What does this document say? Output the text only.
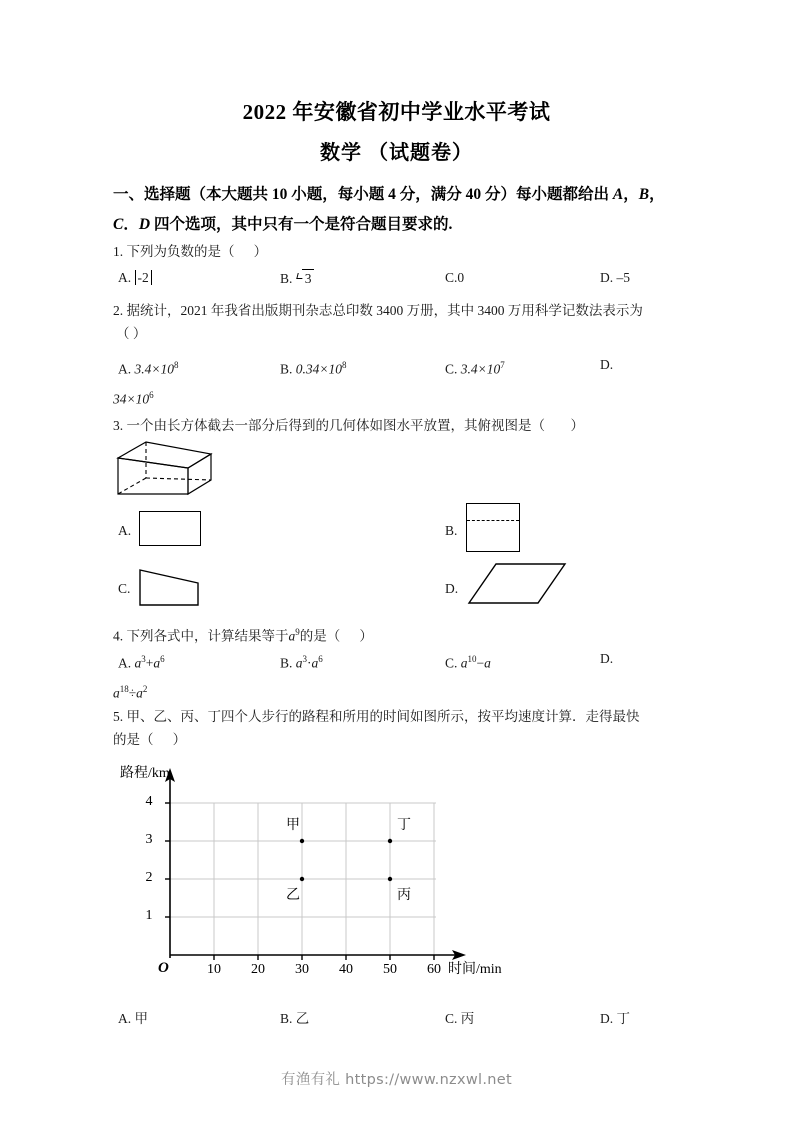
2022 年安徽省初中学业水平考试
数学 （试题卷）
一、选择题（本大题共 10 小题，每小题 4 分，满分 40 分）每小题都给出 A，B，
C．D 四个选项，其中只有一个是符合题目要求的.
1. 下列为负数的是（ ）
A. -2	B. 3	C.0	D. –5
2. 据统计，2021 年我省出版期刊杂志总印数 3400 万册，其中 3400 万用科学记数法表示为
（ ）
A. $3.4\times 10^8$	B. $0.34\times 10^8$	C. $3.4\times 10^7$	D.
$34\times 10^6$
3. 一个由长方体截去一部分后得到的几何体如图水平放置，其俯视图是（ ）
A.	B.
C.	D.
4. 下列各式中，计算结果等于$a^9$的是（ ）
A. $a^3+a^6$	B. $a^3\cdot a^6$	C. $a^{10}-a$	D.
$a^{18}\div a^2$
5. 甲、乙、丙、丁四个人步行的路程和所用的时间如图所示，按平均速度计算．走得最快
的是（ ）
路程/km
时间/min
O
4
3
2
1
10	20	30	40	50	60
甲
乙
丁
丙
A. 甲	B. 乙	C. 丙	D. 丁
有渔有礼 https://www.nzxwl.net
